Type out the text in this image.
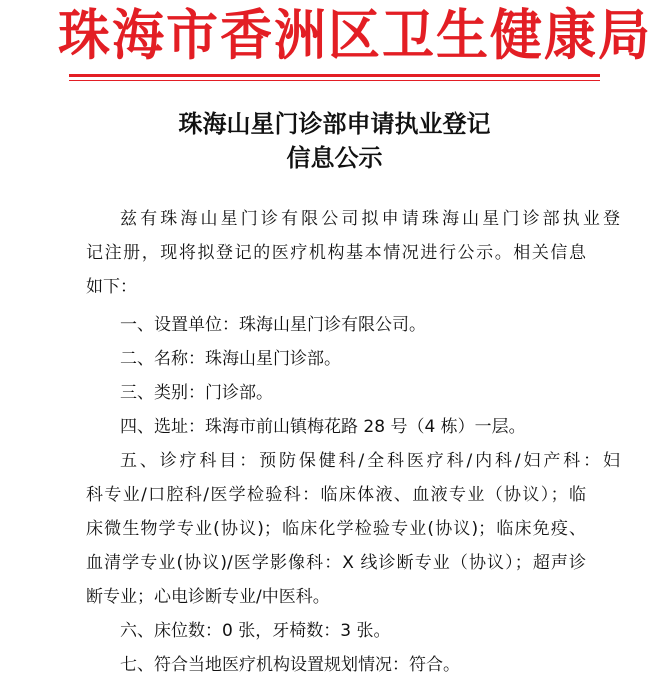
珠海市香洲区卫生健康局
珠海山星门诊部申请执业登记
信息公示
兹有珠海山星门诊有限公司拟申请珠海山星门诊部执业登
记注册，现将拟登记的医疗机构基本情况进行公示。相关信息
如下：
一、设置单位：珠海山星门诊有限公司。
二、名称：珠海山星门诊部。
三、类别：门诊部。
四、选址：珠海市前山镇梅花路 28 号（4 栋）一层。
五、诊疗科目：预防保健科/全科医疗科/内科/妇产科：妇
科专业/口腔科/医学检验科：临床体液、血液专业（协议）；临
床微生物学专业(协议)；临床化学检验专业(协议)；临床免疫、
血清学专业(协议)/医学影像科：X 线诊断专业（协议）；超声诊
断专业；心电诊断专业/中医科。
六、床位数：0 张，牙椅数：3 张。
七、符合当地医疗机构设置规划情况：符合。
